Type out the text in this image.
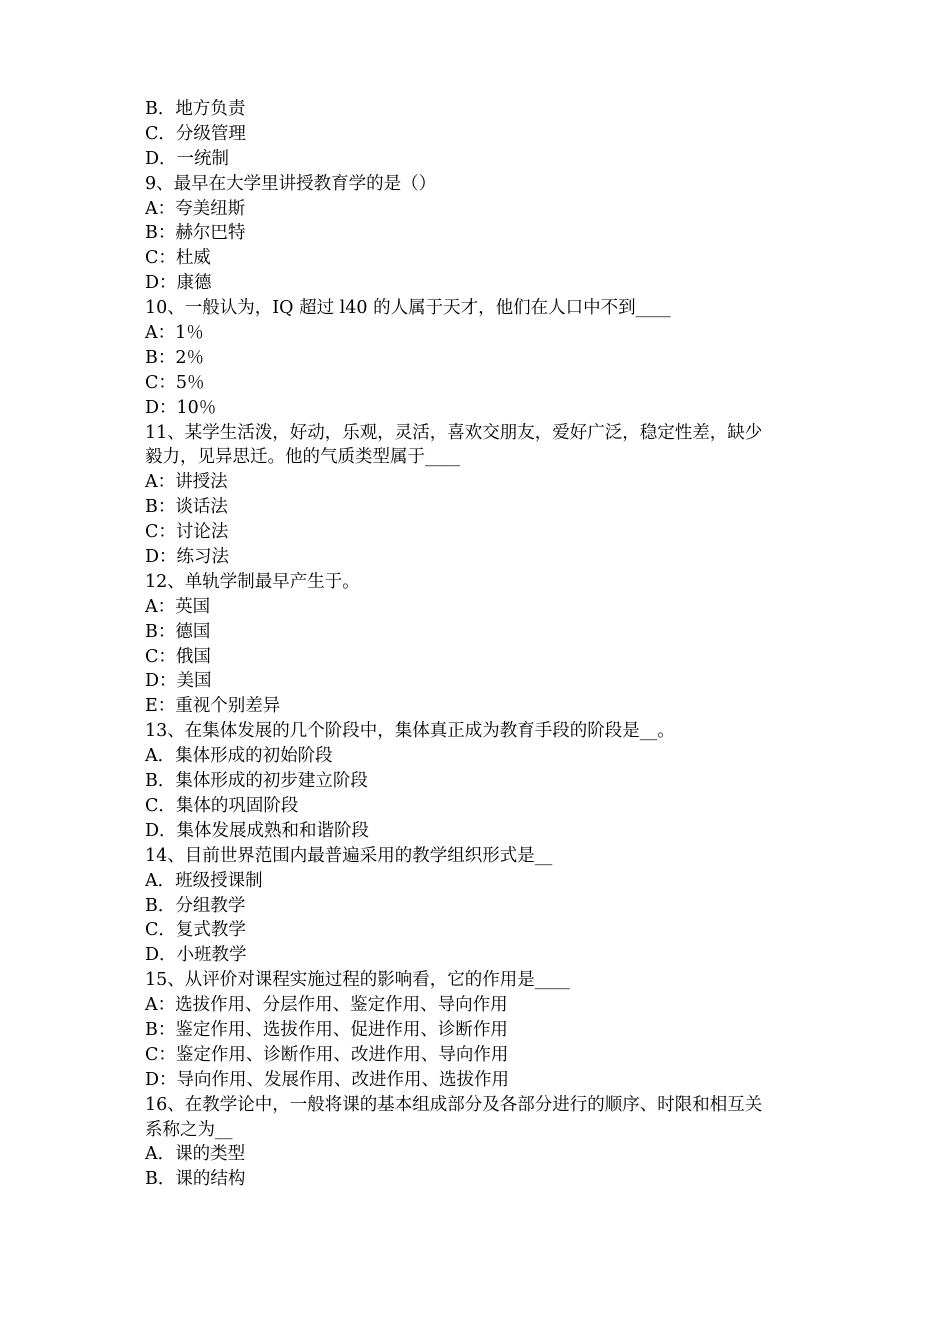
B．地方负责
C．分级管理
D．一统制
9、最早在大学里讲授教育学的是（）
A：夸美纽斯
B：赫尔巴特
C：杜威
D：康德
10、一般认为，IQ 超过 l40 的人属于天才，他们在人口中不到____
A：1％
B：2％
C：5％
D：10％
11、某学生活泼，好动，乐观，灵活，喜欢交朋友，爱好广泛，稳定性差，缺少
毅力，见异思迁。他的气质类型属于____
A：讲授法
B：谈话法
C：讨论法
D：练习法
12、单轨学制最早产生于。
A：英国
B：德国
C：俄国
D：美国
E：重视个别差异
13、在集体发展的几个阶段中，集体真正成为教育手段的阶段是__。
A．集体形成的初始阶段
B．集体形成的初步建立阶段
C．集体的巩固阶段
D．集体发展成熟和和谐阶段
14、目前世界范围内最普遍采用的教学组织形式是__
A．班级授课制
B．分组教学
C．复式教学
D．小班教学
15、从评价对课程实施过程的影响看，它的作用是____
A：选拔作用、分层作用、鉴定作用、导向作用
B：鉴定作用、选拔作用、促进作用、诊断作用
C：鉴定作用、诊断作用、改进作用、导向作用
D：导向作用、发展作用、改进作用、选拔作用
16、在教学论中，一般将课的基本组成部分及各部分进行的顺序、时限和相互关
系称之为__
A．课的类型
B．课的结构
